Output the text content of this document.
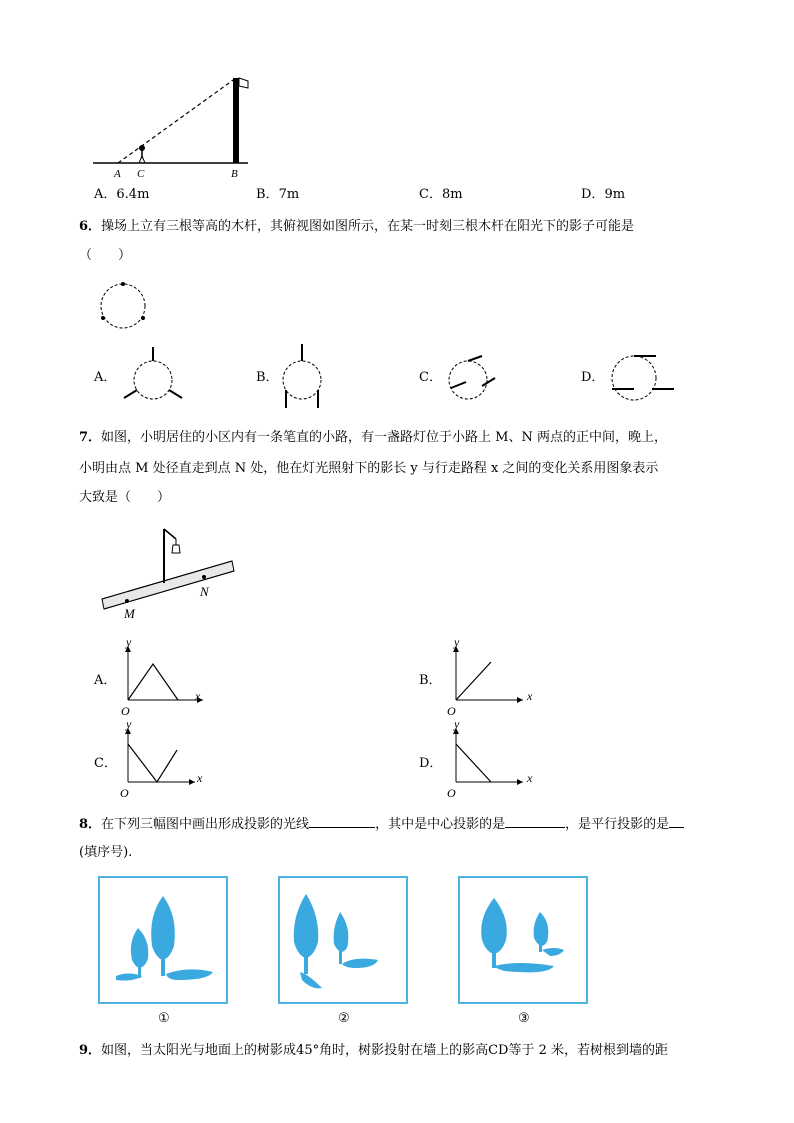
A C	B
A．6.4m	B．7m	C．8m	D．9m
6．操场上立有三根等高的木杆，其俯视图如图所示，在某一时刻三根木杆在阳光下的影子可能是
（　　）
A．	B．	C．	D．
7．如图，小明居住的小区内有一条笔直的小路，有一盏路灯位于小路上 M、N 两点的正中间，晚上，
小明由点 M 处径直走到点 N 处，他在灯光照射下的影长 y 与行走路程 x 之间的变化关系用图象表示
大致是（　　）
M
N
A．
y
x
O
B．
y
x
O
C．
y
x
O
D．
y
x
O
8．在下列三幅图中画出形成投影的光线	，其中是中心投影的是	，是平行投影的是
(填序号).
①	②	③
9．如图，当太阳光与地面上的树影成45°角时，树影投射在墙上的影高CD等于 2 米，若树根到墙的距
